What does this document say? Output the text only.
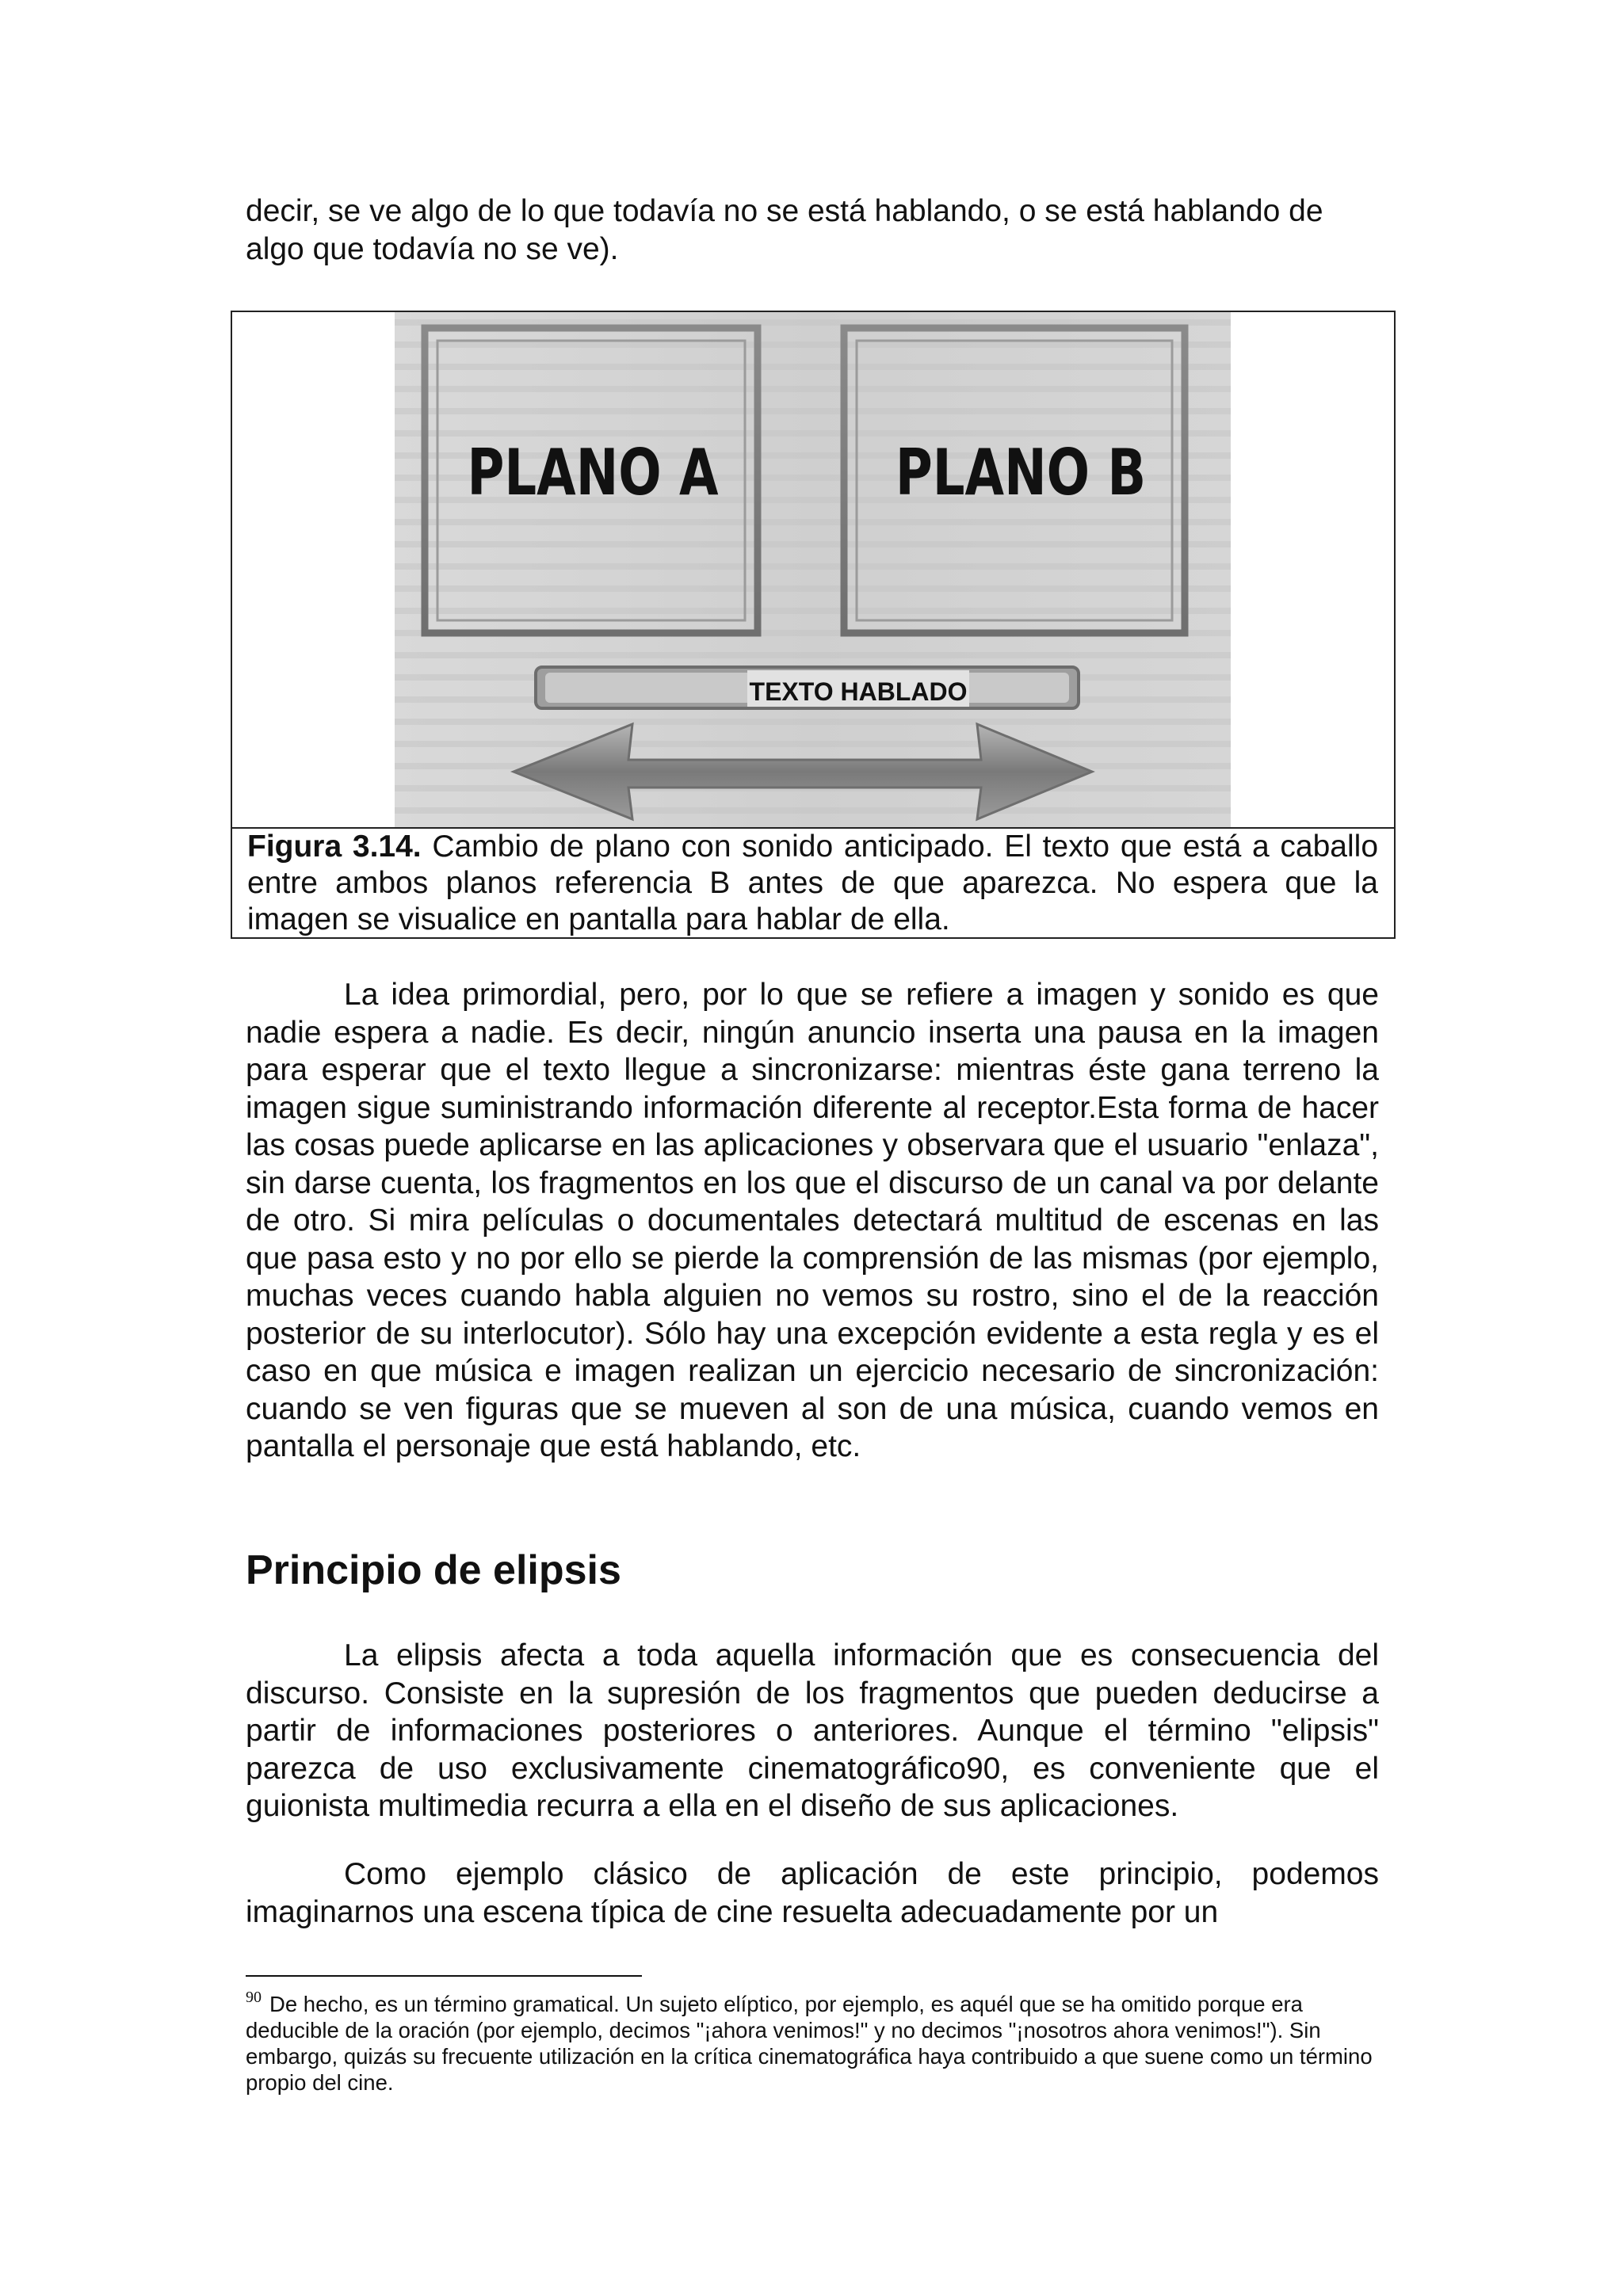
decir, se ve algo de lo que todavía no se está hablando, o se está hablando de algo que todavía no se ve).

PLANO A	PLANO B
TEXTO HABLADO

Figura 3.14. Cambio de plano con sonido anticipado. El texto que está a caballo entre ambos planos referencia B antes de que aparezca. No espera que la imagen se visualice en pantalla para hablar de ella.

La idea primordial, pero, por lo que se refiere a imagen y sonido es que nadie espera a nadie. Es decir, ningún anuncio inserta una pausa en la imagen para esperar que el texto llegue a sincronizarse: mientras éste gana terreno la imagen sigue suministrando información diferente al receptor.Esta forma de hacer las cosas puede aplicarse en las aplicaciones y observara que el usuario "enlaza", sin darse cuenta, los fragmentos en los que el discurso de un canal va por delante de otro. Si mira películas o documentales detectará multitud de escenas en las que pasa esto y no por ello se pierde la comprensión de las mismas (por ejemplo, muchas veces cuando habla alguien no vemos su rostro, sino el de la reacción posterior de su interlocutor). Sólo hay una excepción evidente a esta regla y es el caso en que música e imagen realizan un ejercicio necesario de sincronización: cuando se ven figuras que se mueven al son de una música, cuando vemos en pantalla el personaje que está hablando, etc.

Principio de elipsis

La elipsis afecta a toda aquella información que es consecuencia del discurso. Consiste en la supresión de los fragmentos que pueden deducirse a partir de informaciones posteriores o anteriores. Aunque el término "elipsis" parezca de uso exclusivamente cinematográfico90, es conveniente que el guionista multimedia recurra a ella en el diseño de sus aplicaciones.

Como ejemplo clásico de aplicación de este principio, podemos imaginarnos una escena típica de cine resuelta adecuadamente por un

$^{90}$ De hecho, es un término gramatical. Un sujeto elíptico, por ejemplo, es aquél que se ha omitido porque era deducible de la oración (por ejemplo, decimos "¡ahora venimos!" y no decimos "¡nosotros ahora venimos!"). Sin embargo, quizás su frecuente utilización en la crítica cinematográfica haya contribuido a que suene como un término propio del cine.
